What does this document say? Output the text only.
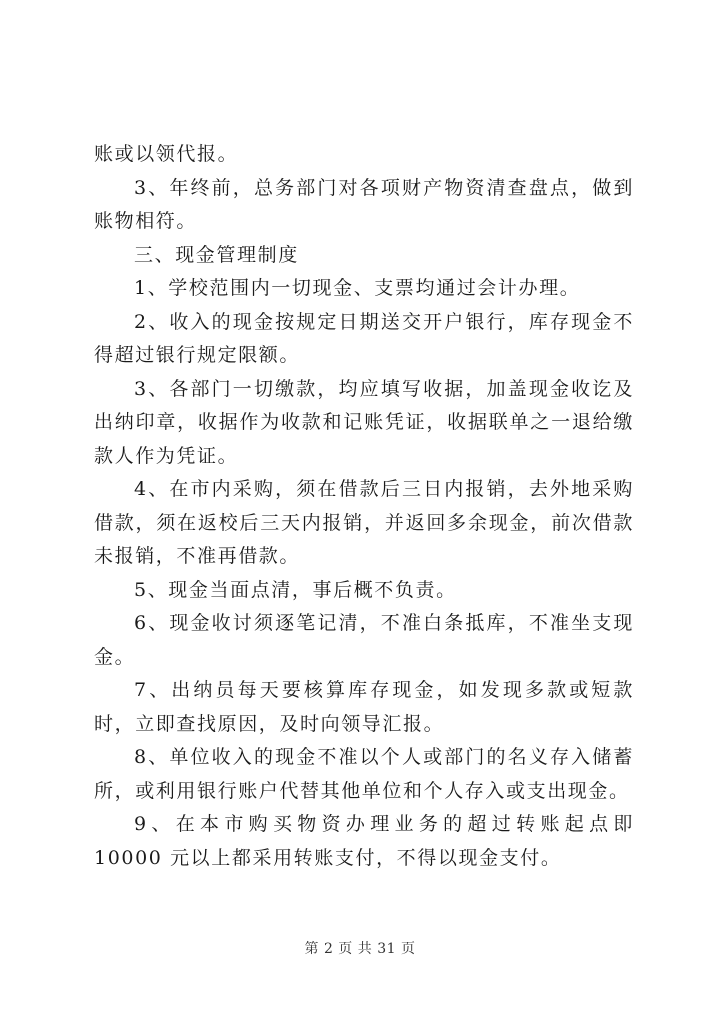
账或以领代报。

3、年终前，总务部门对各项财产物资清查盘点，做到账物相符。

三、现金管理制度

1、学校范围内一切现金、支票均通过会计办理。

2、收入的现金按规定日期送交开户银行，库存现金不得超过银行规定限额。

3、各部门一切缴款，均应填写收据，加盖现金收讫及出纳印章，收据作为收款和记账凭证，收据联单之一退给缴款人作为凭证。

4、在市内采购，须在借款后三日内报销，去外地采购借款，须在返校后三天内报销，并返回多余现金，前次借款未报销，不准再借款。

5、现金当面点清，事后概不负责。

6、现金收讨须逐笔记清，不准白条抵库，不准坐支现金。

7、出纳员每天要核算库存现金，如发现多款或短款时，立即查找原因，及时向领导汇报。

8、单位收入的现金不准以个人或部门的名义存入储蓄所，或利用银行账户代替其他单位和个人存入或支出现金。

9、在本市购买物资办理业务的超过转账起点即 10000 元以上都采用转账支付，不得以现金支付。

第 2 页 共 31 页
